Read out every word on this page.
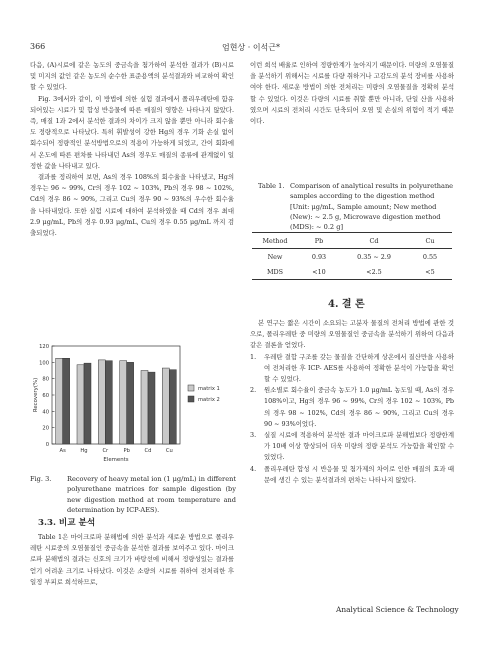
366	엄현상 · 이석근*

다음, (A)시료에 같은 농도의 중금속을 첨가하여 분석한 결과가 (B)시료 및 미지의 값인 같은 농도의 순수한 표준용액의 분석결과와 비교하여 확인할 수 있었다.

Fig. 3에서와 같이, 이 방법에 의한 실험 결과에서 폴리우레탄에 함유되어있는 시료가 및 합성 반응물에 따른 매질의 영향은 나타나지 않았다. 즉, 매질 1과 2에서 분석한 결과의 차이가 크지 않을 뿐만 아니라 회수율도 정량적으로 나타났다. 특히 휘발성이 강한 Hg의 경우 기화 손실 없이 회수되어 정량적인 분석방법으로의 적용이 가능하게 되었고, 간이 회화에서 온도에 따른 편차를 나타내던 As의 경우도 매질의 종류에 관계없이 일정한 값을 나타내고 있다.

결과를 정리하여 보면, As의 경우 108%의 회수율을 나타냈고, Hg의 경우는 96 ~ 99%, Cr의 경우 102 ~ 103%, Pb의 경우 98 ~ 102%, Cd의 경우 86 ~ 90%, 그리고 Cu의 경우 90 ~ 93%의 우수한 회수율을 나타내었다. 또한 실험 시료에 대하여 분석하였을 때 Cd의 경우 최대 2.9 μg/mL, Pb의 경우 0.93 μg/mL, Cu의 경우 0.55 μg/mL 까지 검출되었다.

0
20
40
60
80
100
120
As	Hg	Cr	Pb	Cd	Cu
Elements
Recovery(%)	matrix 1
matrix 2
Fig. 3. Recovery of heavy metal ion (1 μg/mL) in different polyurethane matrices for sample digestion (by new digestion method at room temperature and determination by ICP-AES).
3.3. 비교 분석
Table 1은 마이크로파 분해법에 의한 분석과 새로운 방법으로 폴리우레탄 시료중의 오염물질인 중금속을 분석한 결과를 보여주고 있다. 마이크로파 분해법의 결과는 신호의 크기가 바탕선에 비해서 정량성있는 결과를 얻기 어려운 크기로 나타났다. 이것은 소량의 시료를 취하여 전처리한 후 일정 부피로 희석하므로,
이런 희석 배율로 인하여 정량한계가 높아지기 때문이다. 미량의 오염물질을 분석하기 위해서는 시료를 다량 취하거나 고감도의 분석 장비를 사용하여야 한다. 새로운 방법이 의한 전처리는 미량의 오염물질을 정확히 분석할 수 있었다. 이것은 다량의 시료를 취할 뿐만 아니라, 단일 산을 사용하였으며 시료의 전처리 시간도 단축되어 오염 및 손실의 위험이 적기 때문이다.
Table 1. Comparison of analytical results in polyurethane samples according to the digestion method [Unit: μg/mL, Sample amount; New method (New): ~ 2.5 g, Microwave digestion method (MDS): ~ 0.2 g]
Method	Pb	Cd	Cu
New	0.93	0.35 ~ 2.9	0.55
MDS	<10	<2.5	<5
4. 결 론

본 연구는 짧은 시간이 소요되는 고분자 물질의 전처리 방법에 관한 것으로, 폴리우레탄 중 미량의 오염물질인 중금속을 분석하기 위하여 다음과 같은 결론을 얻었다.

1. 우레탄 결합 구조를 갖는 물질을 간단하게 상온에서 질산만을 사용하여 전처리한 후 ICP- AES를 사용하여 정확한 분석이 가능함을 확인할 수 있었다.
2. 원소별로 회수율이 중금속 농도가 1.0 μg/mL 농도일 때, As의 경우 108%이고, Hg의 경우 96 ~ 99%, Cr의 경우 102 ~ 103%, Pb의 경우 98 ~ 102%, Cd의 경우 86 ~ 90%, 그리고 Cu의 경우 90 ~ 93%이었다.
3. 실질 시료에 적용하여 분석한 결과 마이크로파 분해법보다 정량한계가 10배 이상 향상되어 더욱 미량의 정량 분석도 가능함을 확인할 수 있었다.
4. 폴리우레탄 합성 시 반응물 및 첨가제의 차이로 인한 매질의 효과 때문에 생긴 수 있는 분석결과의 편차는 나타나지 않았다.
Analytical Science & Technology
